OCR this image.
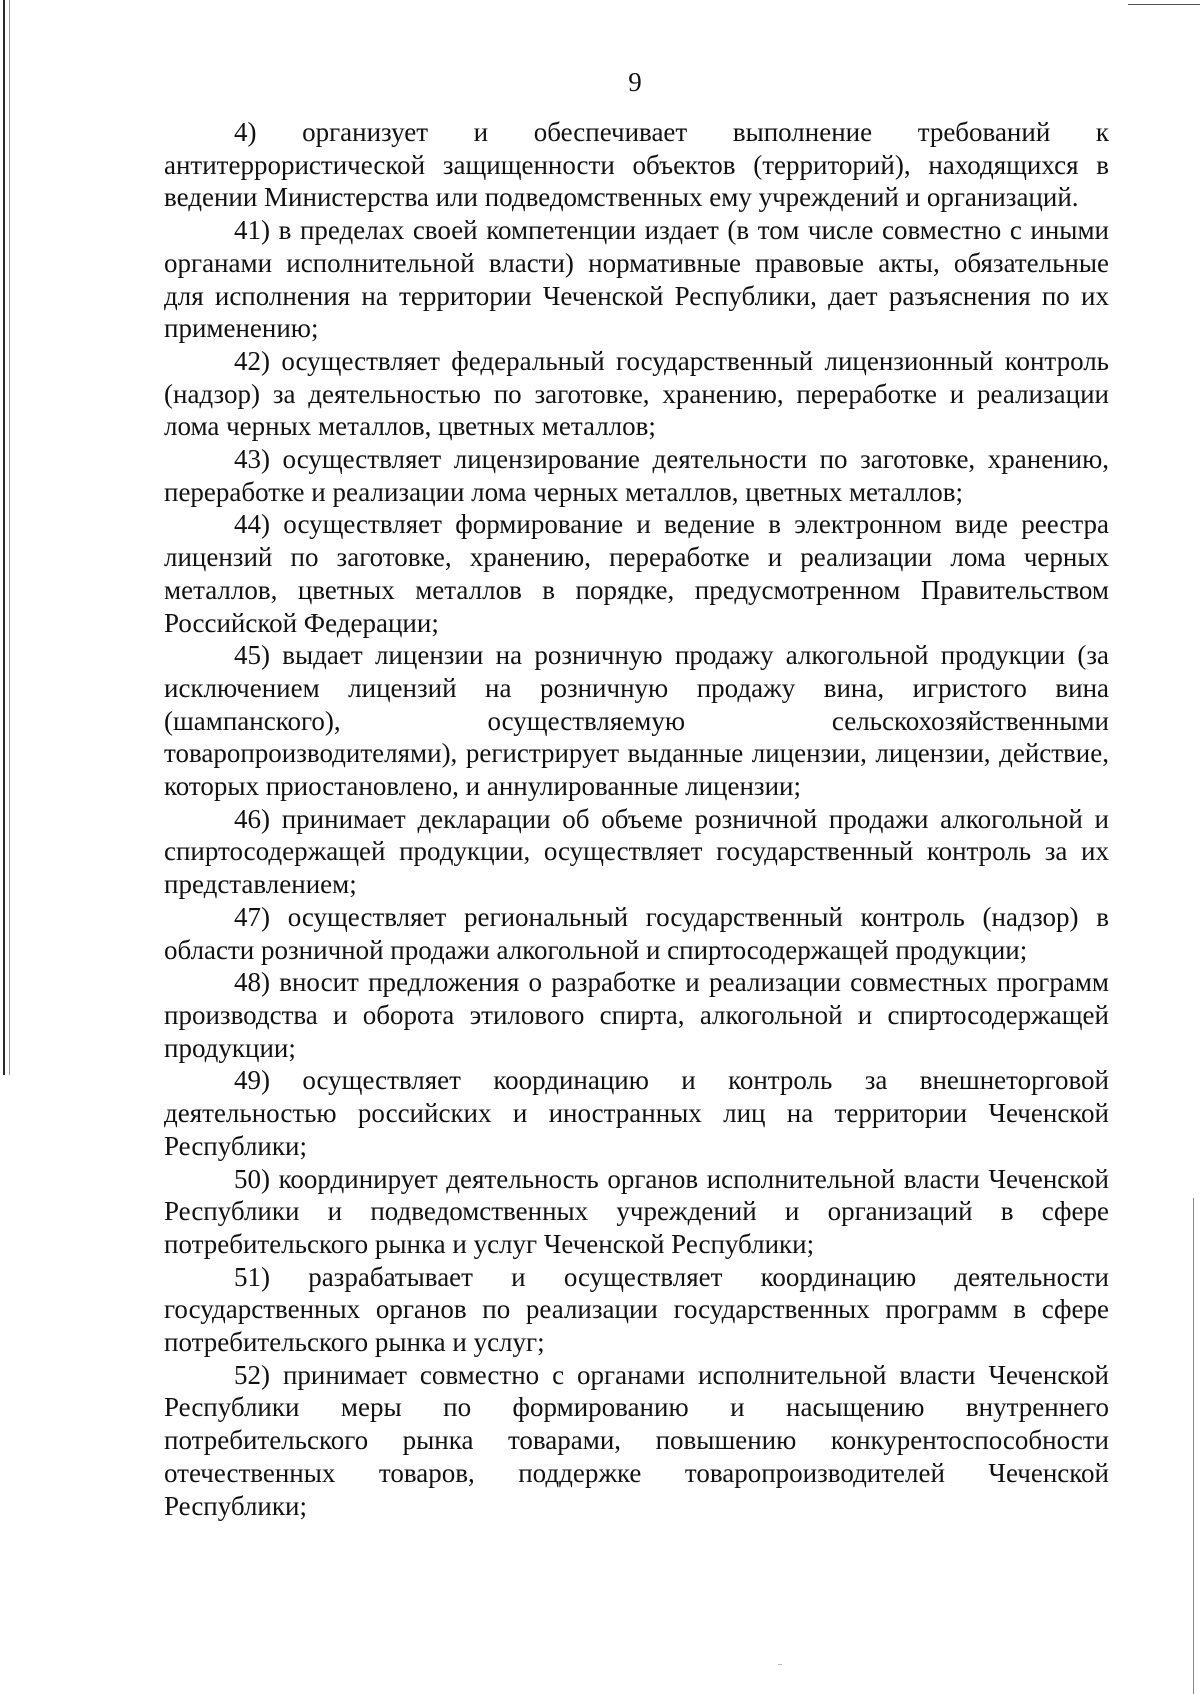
9

4) организует и обеспечивает выполнение требований к антитеррористической защищенности объектов (территорий), находящихся в ведении Министерства или подведомственных ему учреждений и организаций.

41) в пределах своей компетенции издает (в том числе совместно с иными органами исполнительной власти) нормативные правовые акты, обязательные для исполнения на территории Чеченской Республики, дает разъяснения по их применению;

42) осуществляет федеральный государственный лицензионный контроль (надзор) за деятельностью по заготовке, хранению, переработке и реализации лома черных металлов, цветных металлов;

43) осуществляет лицензирование деятельности по заготовке, хранению, переработке и реализации лома черных металлов, цветных металлов;

44) осуществляет формирование и ведение в электронном виде реестра лицензий по заготовке, хранению, переработке и реализации лома черных металлов, цветных металлов в порядке, предусмотренном Правительством Российской Федерации;

45) выдает лицензии на розничную продажу алкогольной продукции (за исключением лицензий на розничную продажу вина, игристого вина (шампанского), осуществляемую сельскохозяйственными товаропроизводителями), регистрирует выданные лицензии, лицензии, действие, которых приостановлено, и аннулированные лицензии;

46) принимает декларации об объеме розничной продажи алкогольной и спиртосодержащей продукции, осуществляет государственный контроль за их представлением;

47) осуществляет региональный государственный контроль (надзор) в области розничной продажи алкогольной и спиртосодержащей продукции;

48) вносит предложения о разработке и реализации совместных программ производства и оборота этилового спирта, алкогольной и спиртосодержащей продукции;

49) осуществляет координацию и контроль за внешнеторговой деятельностью российских и иностранных лиц на территории Чеченской Республики;

50) координирует деятельность органов исполнительной власти Чеченской Республики и подведомственных учреждений и организаций в сфере потребительского рынка и услуг Чеченской Республики;

51) разрабатывает и осуществляет координацию деятельности государственных органов по реализации государственных программ в сфере потребительского рынка и услуг;

52) принимает совместно с органами исполнительной власти Чеченской Республики меры по формированию и насыщению внутреннего потребительского рынка товарами, повышению конкурентоспособности отечественных товаров, поддержке товаропроизводителей Чеченской Республики;
